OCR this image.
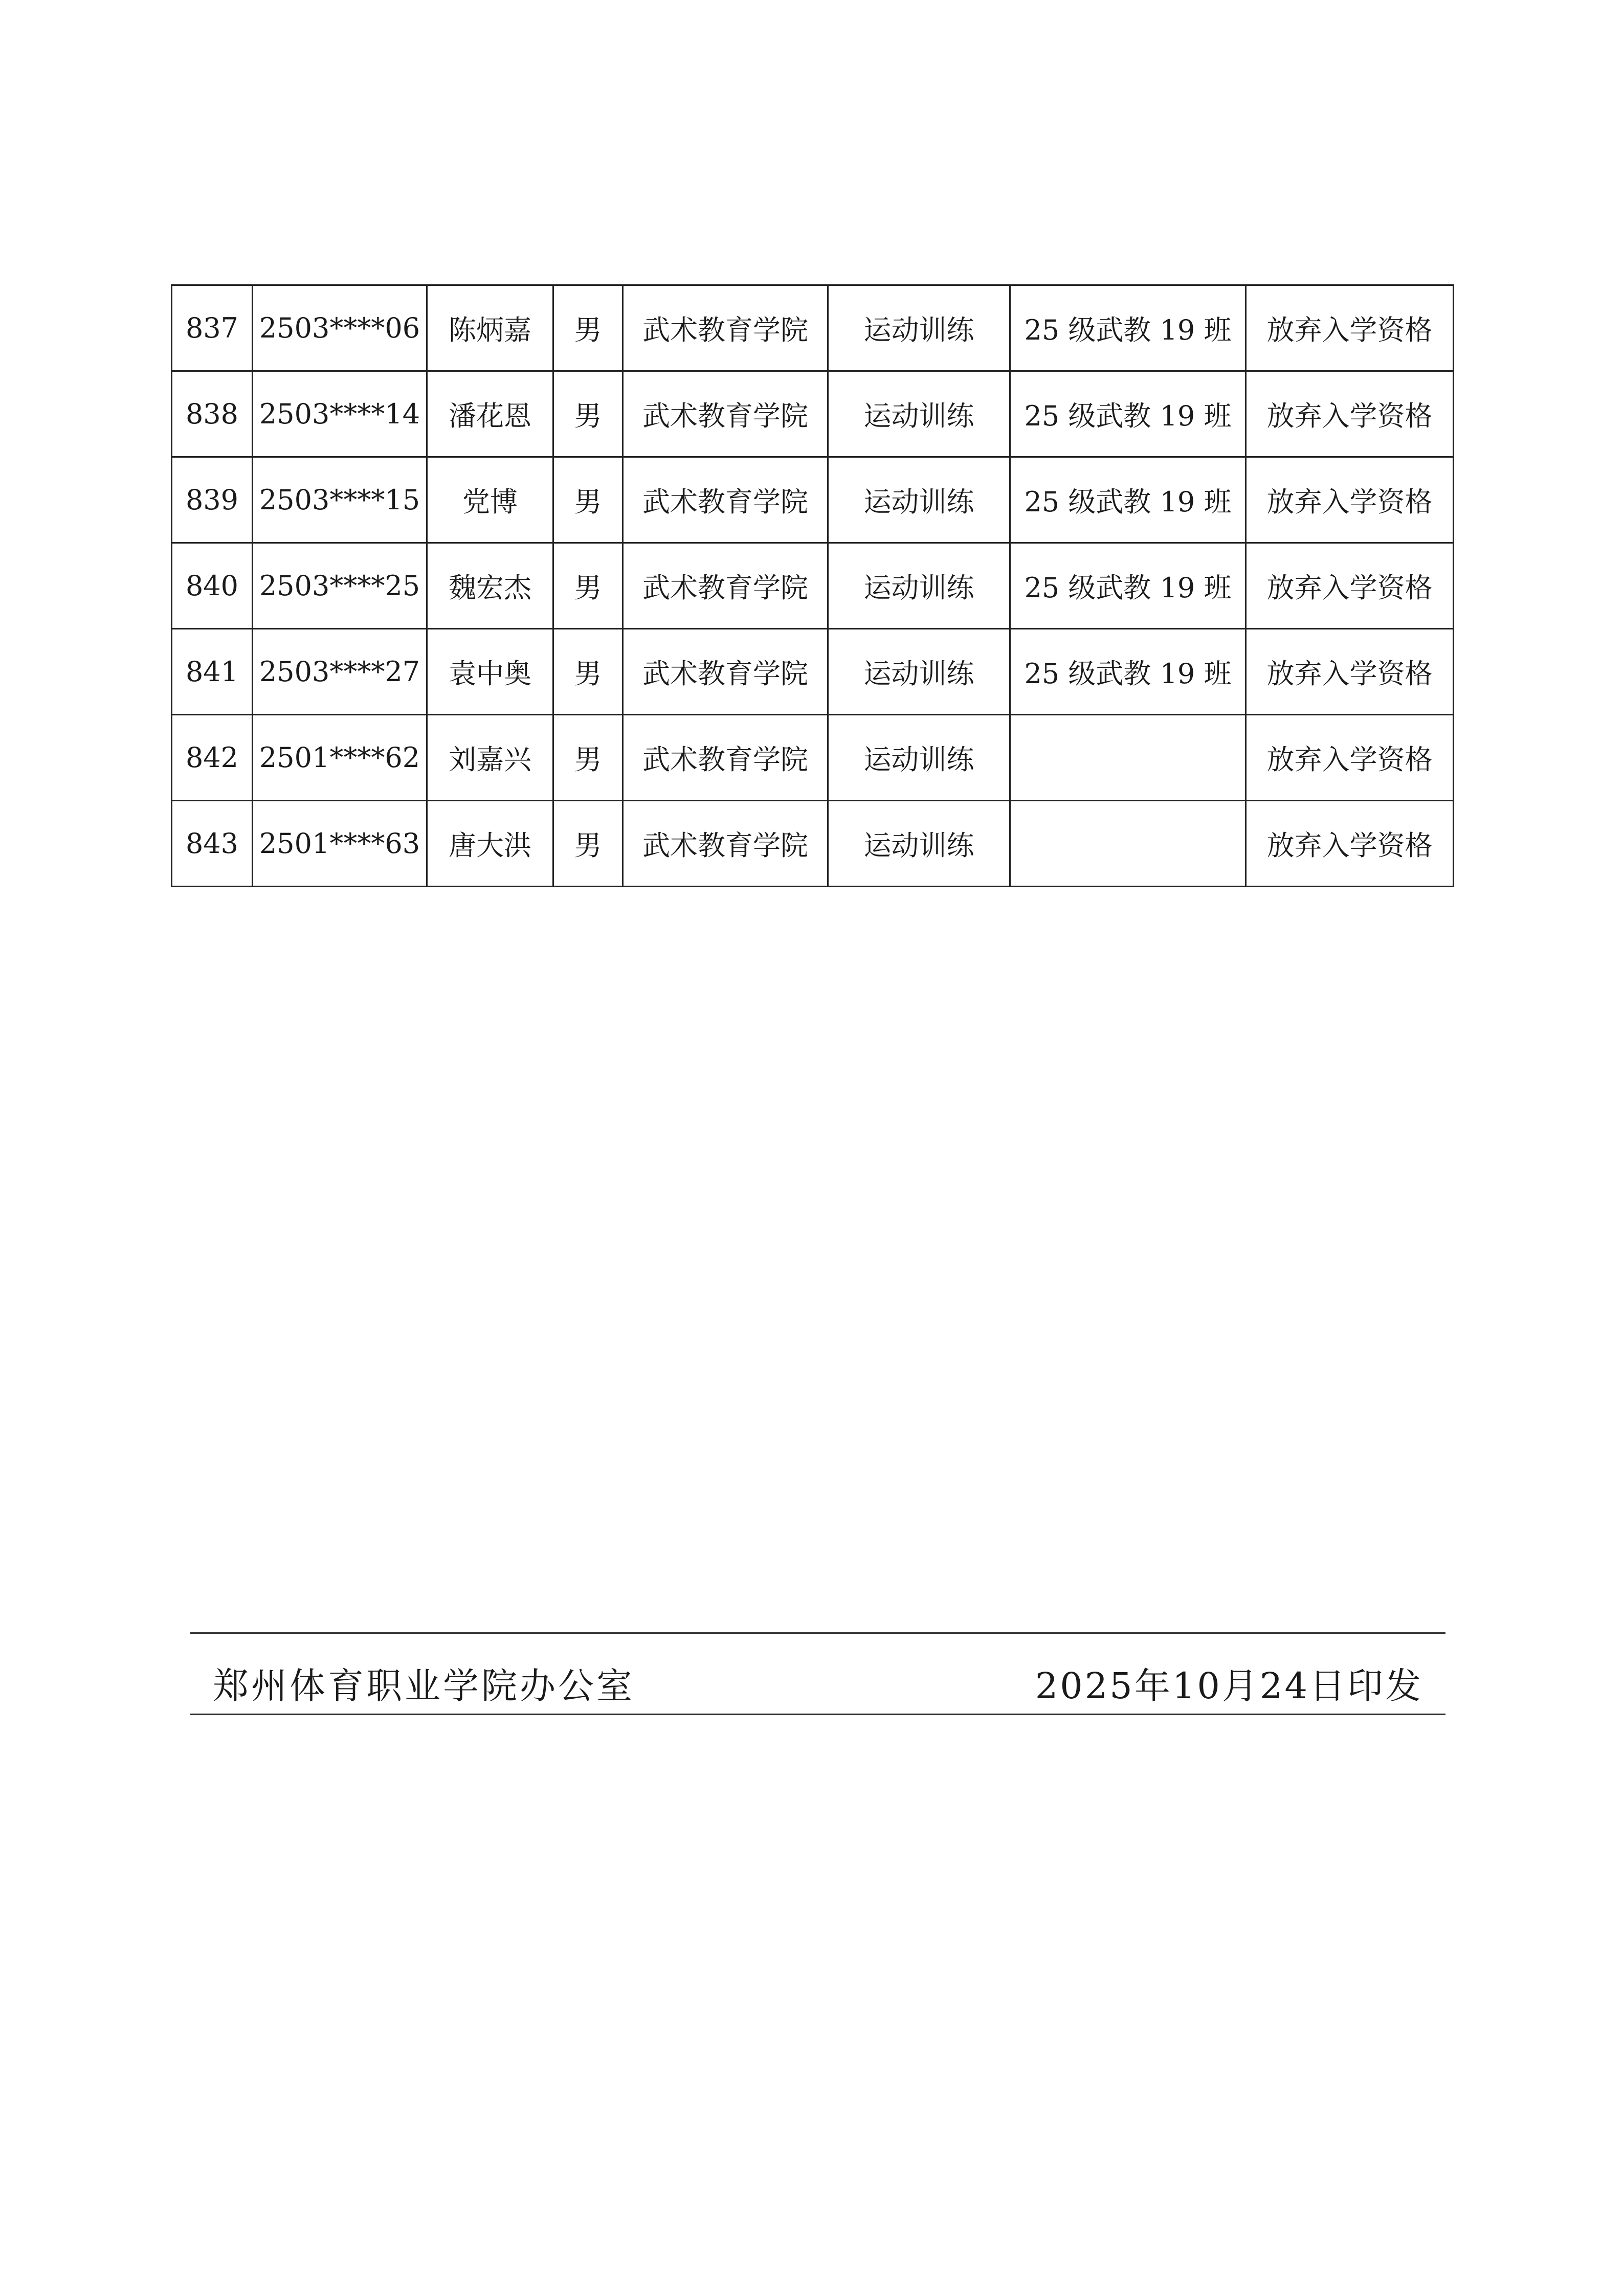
837	2503****06	陈炳嘉	男	武术教育学院	运动训练	25 级武教 19 班	放弃入学资格
838	2503****14	潘花恩	男	武术教育学院	运动训练	25 级武教 19 班	放弃入学资格
839	2503****15	党博	男	武术教育学院	运动训练	25 级武教 19 班	放弃入学资格
840	2503****25	魏宏杰	男	武术教育学院	运动训练	25 级武教 19 班	放弃入学资格
841	2503****27	袁中奥	男	武术教育学院	运动训练	25 级武教 19 班	放弃入学资格
842	2501****62	刘嘉兴	男	武术教育学院	运动训练		放弃入学资格
843	2501****63	唐大洪	男	武术教育学院	运动训练		放弃入学资格
郑州体育职业学院办公室	2025年10月24日印发
